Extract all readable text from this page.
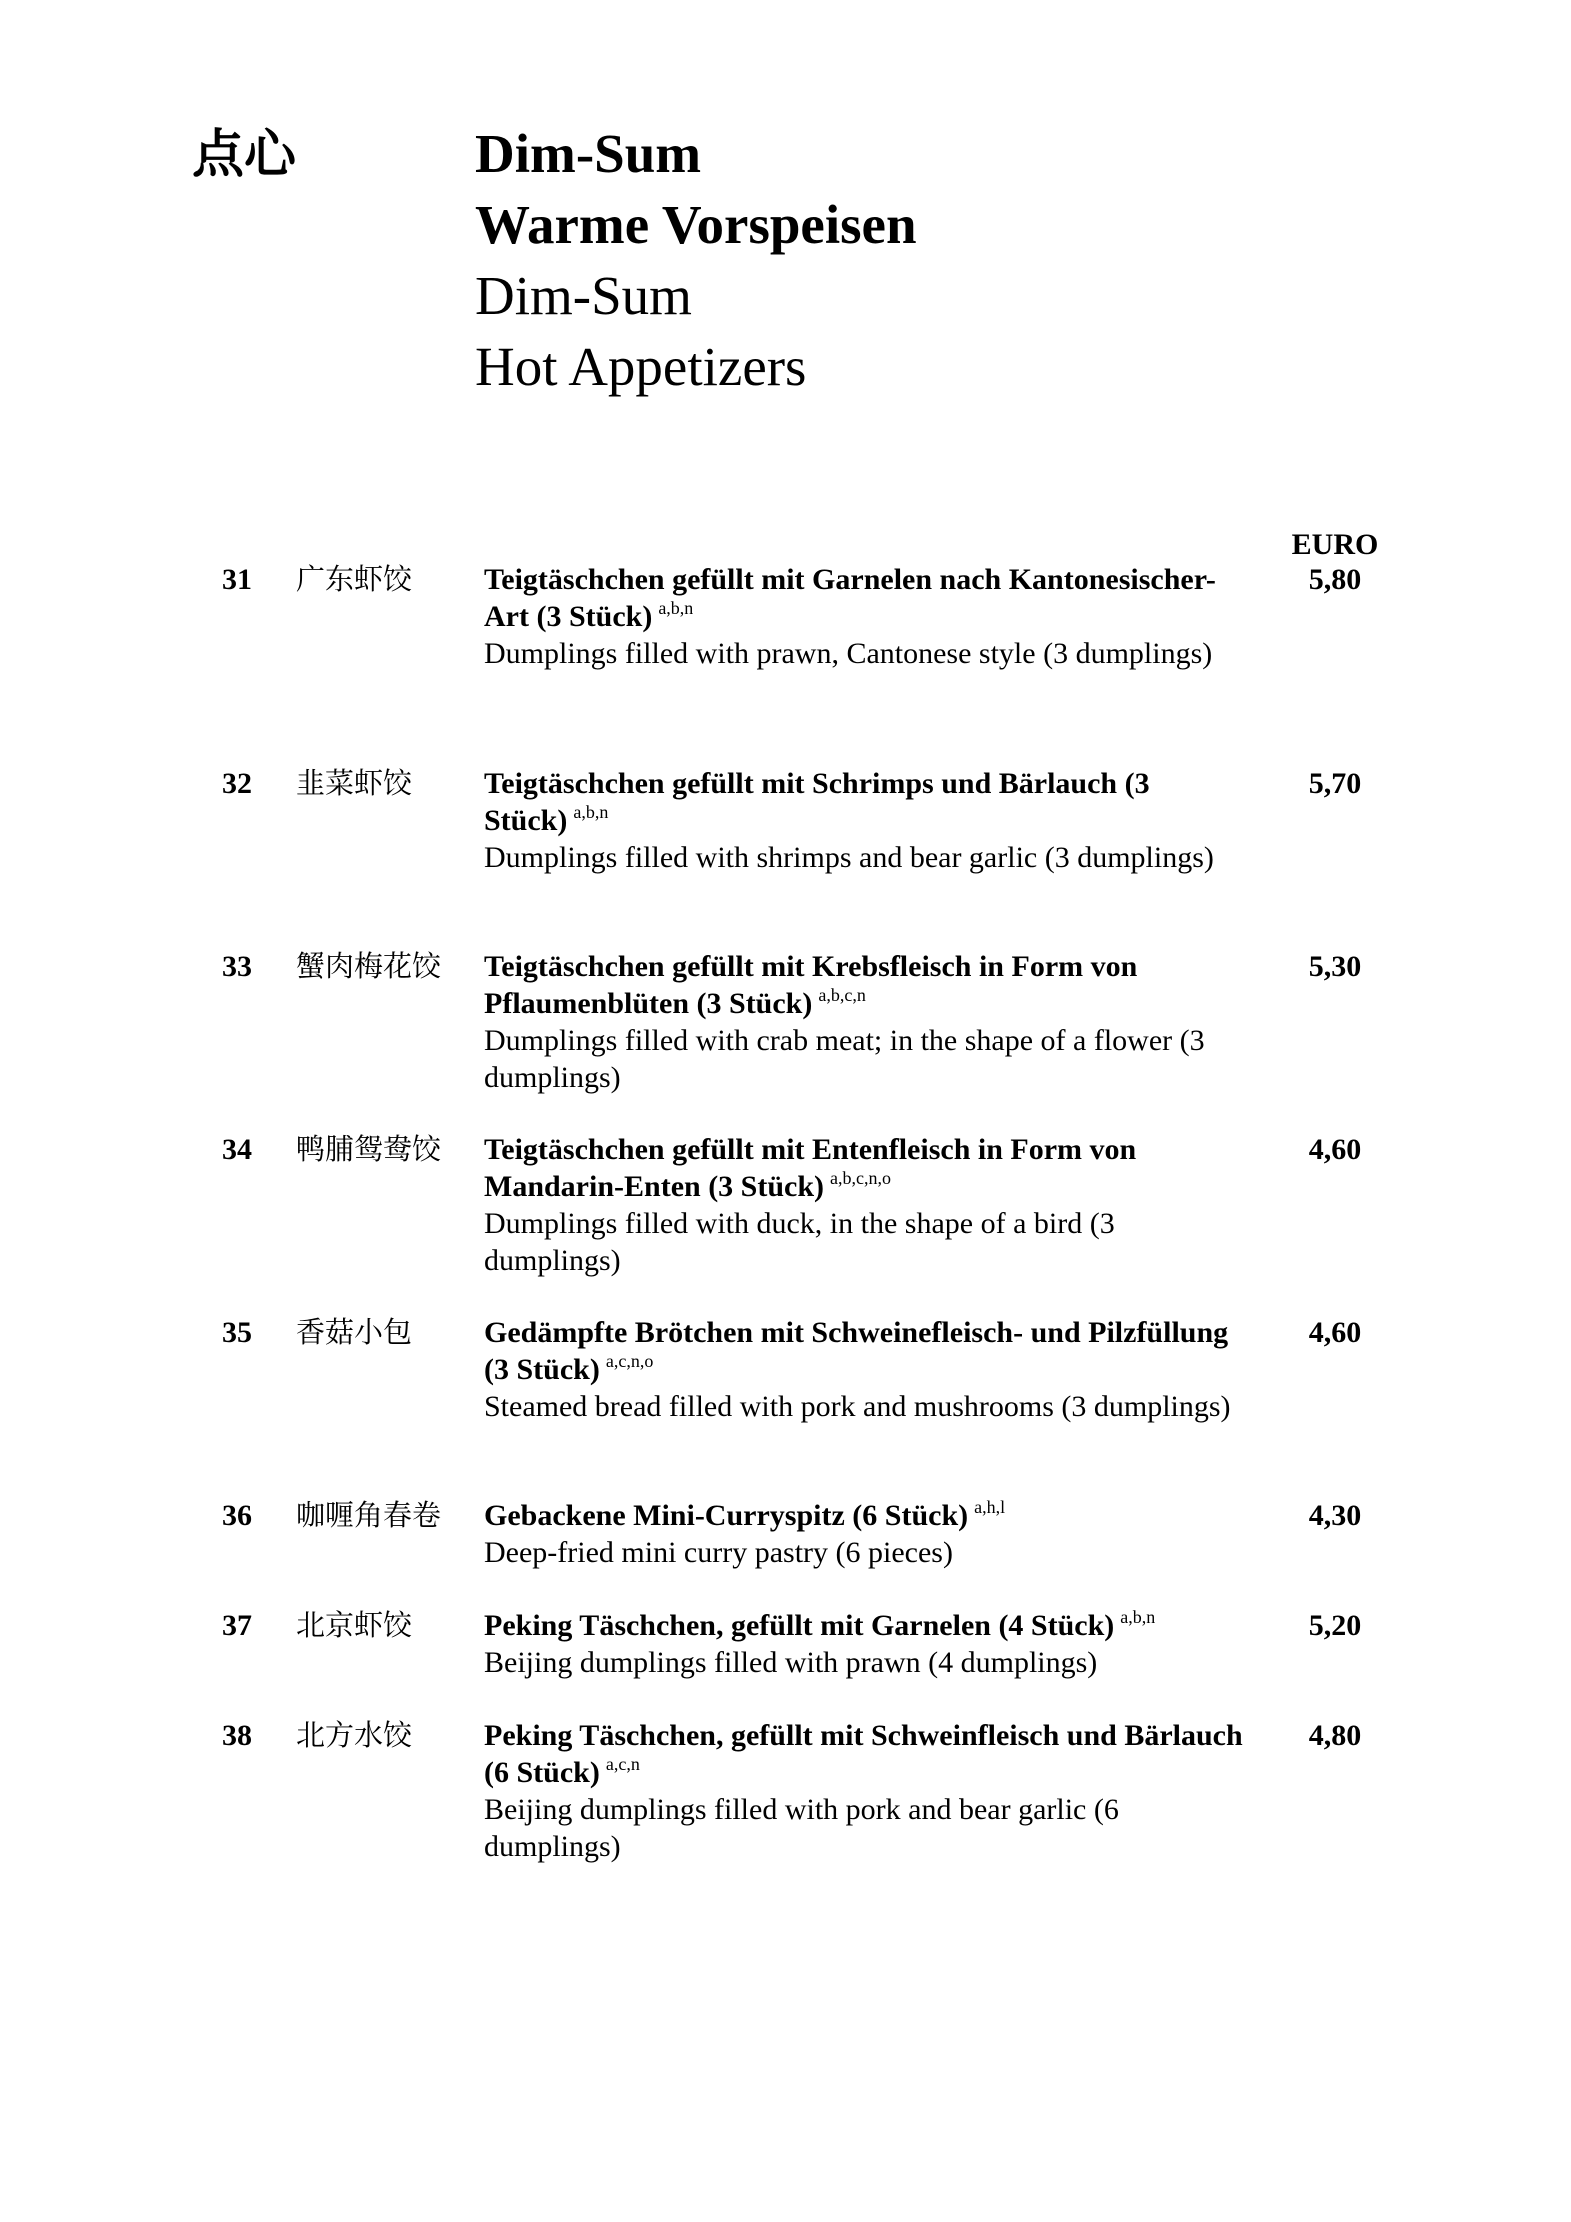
点心	Dim-Sum
Warme Vorspeisen
Dim-Sum
Hot Appetizers
EURO
31 广东虾饺 Teigtäschchen gefüllt mit Garnelen nach Kantonesischer-Art (3 Stück) $^{a,b,n}$
Dumplings filled with prawn, Cantonese style (3 dumplings)
5,80
32 韭菜虾饺 Teigtäschchen gefüllt mit Schrimps und Bärlauch (3 Stück) $^{a,b,n}$
Dumplings filled with shrimps and bear garlic (3 dumplings)
5,70
33 蟹肉梅花饺 Teigtäschchen gefüllt mit Krebsfleisch in Form von Pflaumenblüten (3 Stück) $^{a,b,c,n}$
Dumplings filled with crab meat; in the shape of a flower (3 dumplings)
5,30
34 鸭脯鸳鸯饺 Teigtäschchen gefüllt mit Entenfleisch in Form von Mandarin-Enten (3 Stück) $^{a,b,c,n,o}$
Dumplings filled with duck, in the shape of a bird (3 dumplings)
4,60
35 香菇小包 Gedämpfte Brötchen mit Schweinefleisch- und Pilzfüllung (3 Stück) $^{a,c,n,o}$
Steamed bread filled with pork and mushrooms (3 dumplings)
4,60
36 咖喱角春卷 Gebackene Mini-Curryspitz (6 Stück) $^{a,h,l}$
Deep-fried mini curry pastry (6 pieces)
4,30
37 北京虾饺 Peking Täschchen, gefüllt mit Garnelen (4 Stück) $^{a,b,n}$
Beijing dumplings filled with prawn (4 dumplings)
5,20
38 北方水饺 Peking Täschchen, gefüllt mit Schweinfleisch und Bärlauch (6 Stück) $^{a,c,n}$
Beijing dumplings filled with pork and bear garlic (6 dumplings)
4,80
